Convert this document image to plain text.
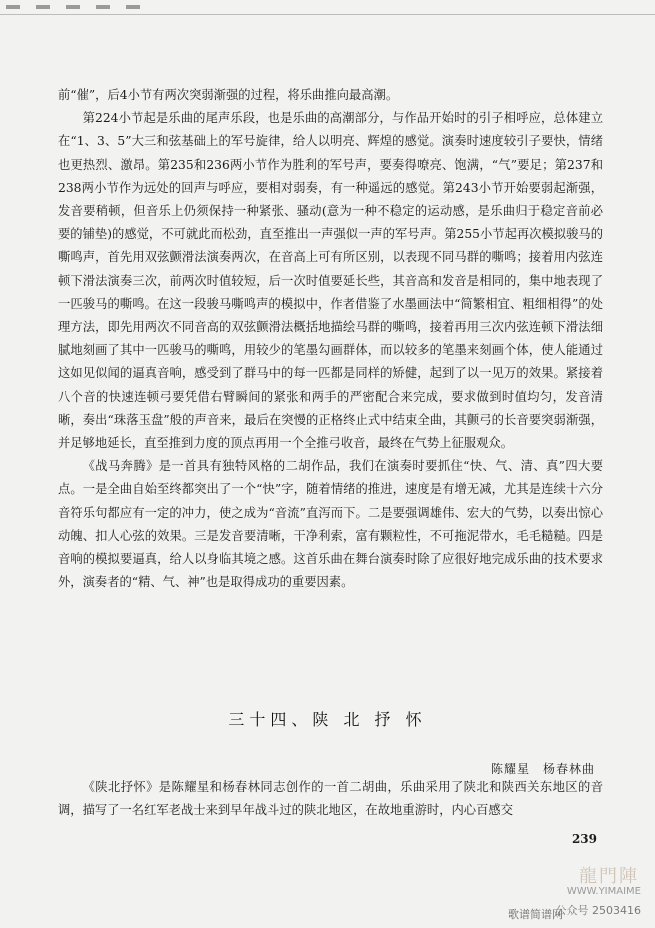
前“催”，后4小节有两次突弱渐强的过程，将乐曲推向最高潮。

第224小节起是乐曲的尾声乐段，也是乐曲的高潮部分，与作品开始时的引子相呼应，总体建立在“1、3、5”大三和弦基础上的军号旋律，给人以明亮、辉煌的感觉。演奏时速度较引子要快，情绪也更热烈、激昂。第235和236两小节作为胜利的军号声，要奏得嘹亮、饱满，“气”要足；第237和238两小节作为远处的回声与呼应，要相对弱奏，有一种遥远的感觉。第243小节开始要弱起渐强，发音要稍顿，但音乐上仍须保持一种紧张、骚动(意为一种不稳定的运动感，是乐曲归于稳定音前必要的铺垫)的感觉，不可就此而松劲，直至推出一声强似一声的军号声。第255小节起再次模拟骏马的嘶鸣声，首先用双弦颤滑法演奏两次，在音高上可有所区别，以表现不同马群的嘶鸣；接着用内弦连顿下滑法演奏三次，前两次时值较短，后一次时值要延长些，其音高和发音是相同的，集中地表现了一匹骏马的嘶鸣。在这一段骏马嘶鸣声的模拟中，作者借鉴了水墨画法中“简繁相宜、粗细相得”的处理方法，即先用两次不同音高的双弦颤滑法概括地描绘马群的嘶鸣，接着再用三次内弦连顿下滑法细腻地刻画了其中一匹骏马的嘶鸣，用较少的笔墨勾画群体，而以较多的笔墨来刻画个体，使人能通过这如见似闻的逼真音响，感受到了群马中的每一匹都是同样的矫健，起到了以一见万的效果。紧接着八个音的快速连顿弓要凭借右臂瞬间的紧张和两手的严密配合来完成，要求做到时值均匀，发音清晰，奏出“珠落玉盘”般的声音来，最后在突慢的正格终止式中结束全曲，其颤弓的长音要突弱渐强，并足够地延长，直至推到力度的顶点再用一个全推弓收音，最终在气势上征服观众。

《战马奔腾》是一首具有独特风格的二胡作品，我们在演奏时要抓住“快、气、清、真”四大要点。一是全曲自始至终都突出了一个“快”字，随着情绪的推进，速度是有增无减，尤其是连续十六分音符乐句都应有一定的冲力，使之成为“音流”直泻而下。二是要强调雄伟、宏大的气势，以奏出惊心动魄、扣人心弦的效果。三是发音要清晰，干净利索，富有颗粒性，不可拖泥带水，毛毛糙糙。四是音响的模拟要逼真，给人以身临其境之感。这首乐曲在舞台演奏时除了应很好地完成乐曲的技术要求外，演奏者的“精、气、神”也是取得成功的重要因素。

三十四、陕 北 抒 怀
陈耀星　杨春林曲

《陕北抒怀》是陈耀星和杨春林同志创作的一首二胡曲，乐曲采用了陕北和陕西关东地区的音调，描写了一名红军老战士来到早年战斗过的陕北地区，在故地重游时，内心百感交

239
龍門陣
WWW.YIMAIME
公众号 2503416
歌谱简谱网
